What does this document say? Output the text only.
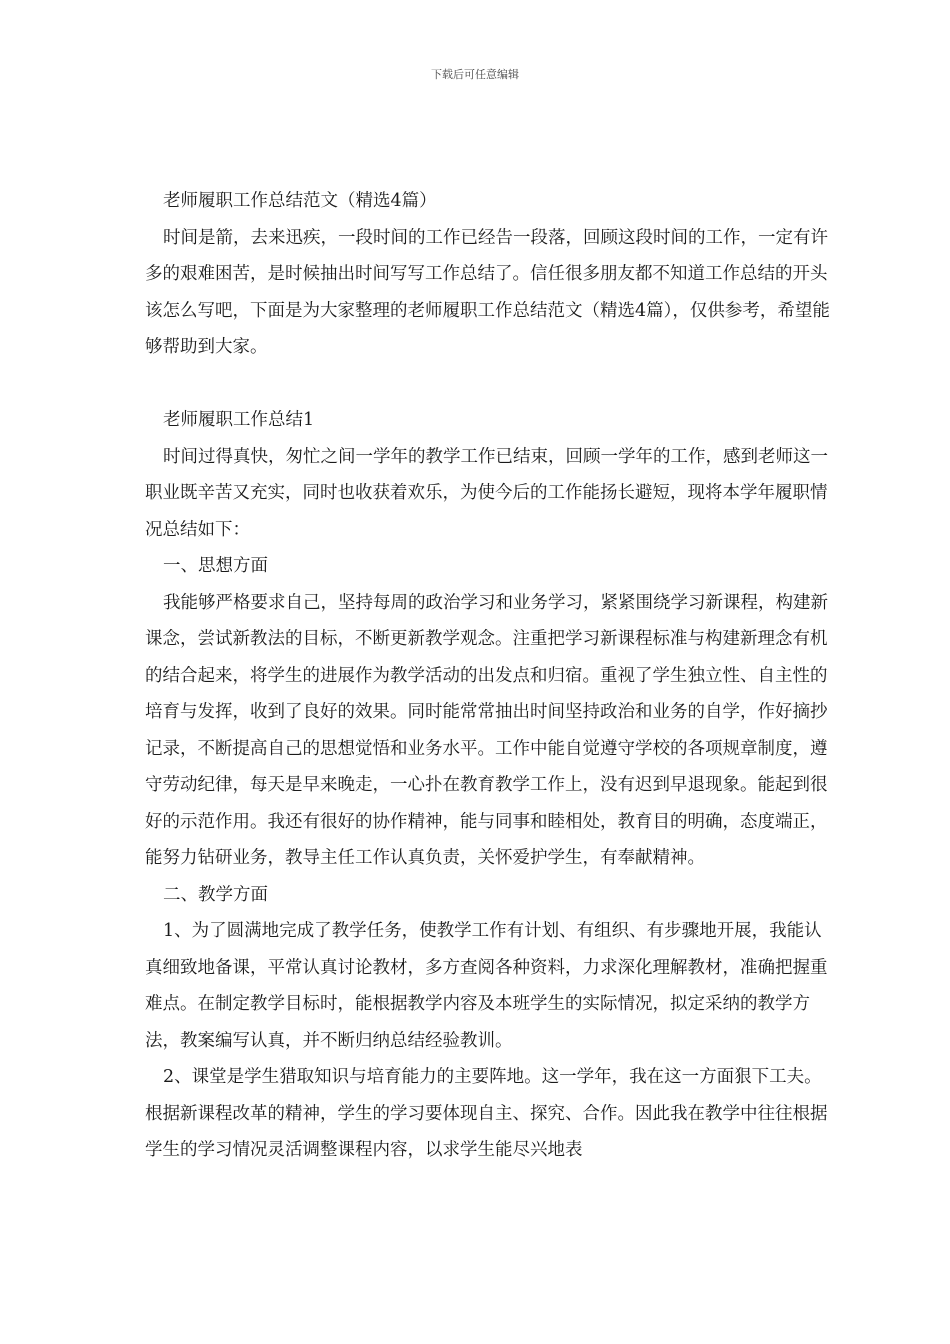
下载后可任意编辑

老师履职工作总结范文（精选4篇）

时间是箭，去来迅疾，一段时间的工作已经告一段落，回顾这段时间的工作，一定有许多的艰难困苦，是时候抽出时间写写工作总结了。信任很多朋友都不知道工作总结的开头该怎么写吧，下面是为大家整理的老师履职工作总结范文（精选4篇），仅供参考，希望能够帮助到大家。

老师履职工作总结1

时间过得真快，匆忙之间一学年的教学工作已结束，回顾一学年的工作，感到老师这一职业既辛苦又充实，同时也收获着欢乐，为使今后的工作能扬长避短，现将本学年履职情况总结如下：

一、思想方面

我能够严格要求自己，坚持每周的政治学习和业务学习，紧紧围绕学习新课程，构建新课念，尝试新教法的目标，不断更新教学观念。注重把学习新课程标准与构建新理念有机的结合起来，将学生的进展作为教学活动的出发点和归宿。重视了学生独立性、自主性的培育与发挥，收到了良好的效果。同时能常常抽出时间坚持政治和业务的自学，作好摘抄记录，不断提高自己的思想觉悟和业务水平。工作中能自觉遵守学校的各项规章制度，遵守劳动纪律，每天是早来晚走，一心扑在教育教学工作上，没有迟到早退现象。能起到很好的示范作用。我还有很好的协作精神，能与同事和睦相处，教育目的明确，态度端正，能努力钻研业务，教导主任工作认真负责，关怀爱护学生，有奉献精神。

二、教学方面

1、为了圆满地完成了教学任务，使教学工作有计划、有组织、有步骤地开展，我能认真细致地备课，平常认真讨论教材，多方查阅各种资料，力求深化理解教材，准确把握重难点。在制定教学目标时，能根据教学内容及本班学生的实际情况，拟定采纳的教学方法，教案编写认真，并不断归纳总结经验教训。

2、课堂是学生猎取知识与培育能力的主要阵地。这一学年，我在这一方面狠下工夫。根据新课程改革的精神，学生的学习要体现自主、探究、合作。因此我在教学中往往根据学生的学习情况灵活调整课程内容，以求学生能尽兴地表
